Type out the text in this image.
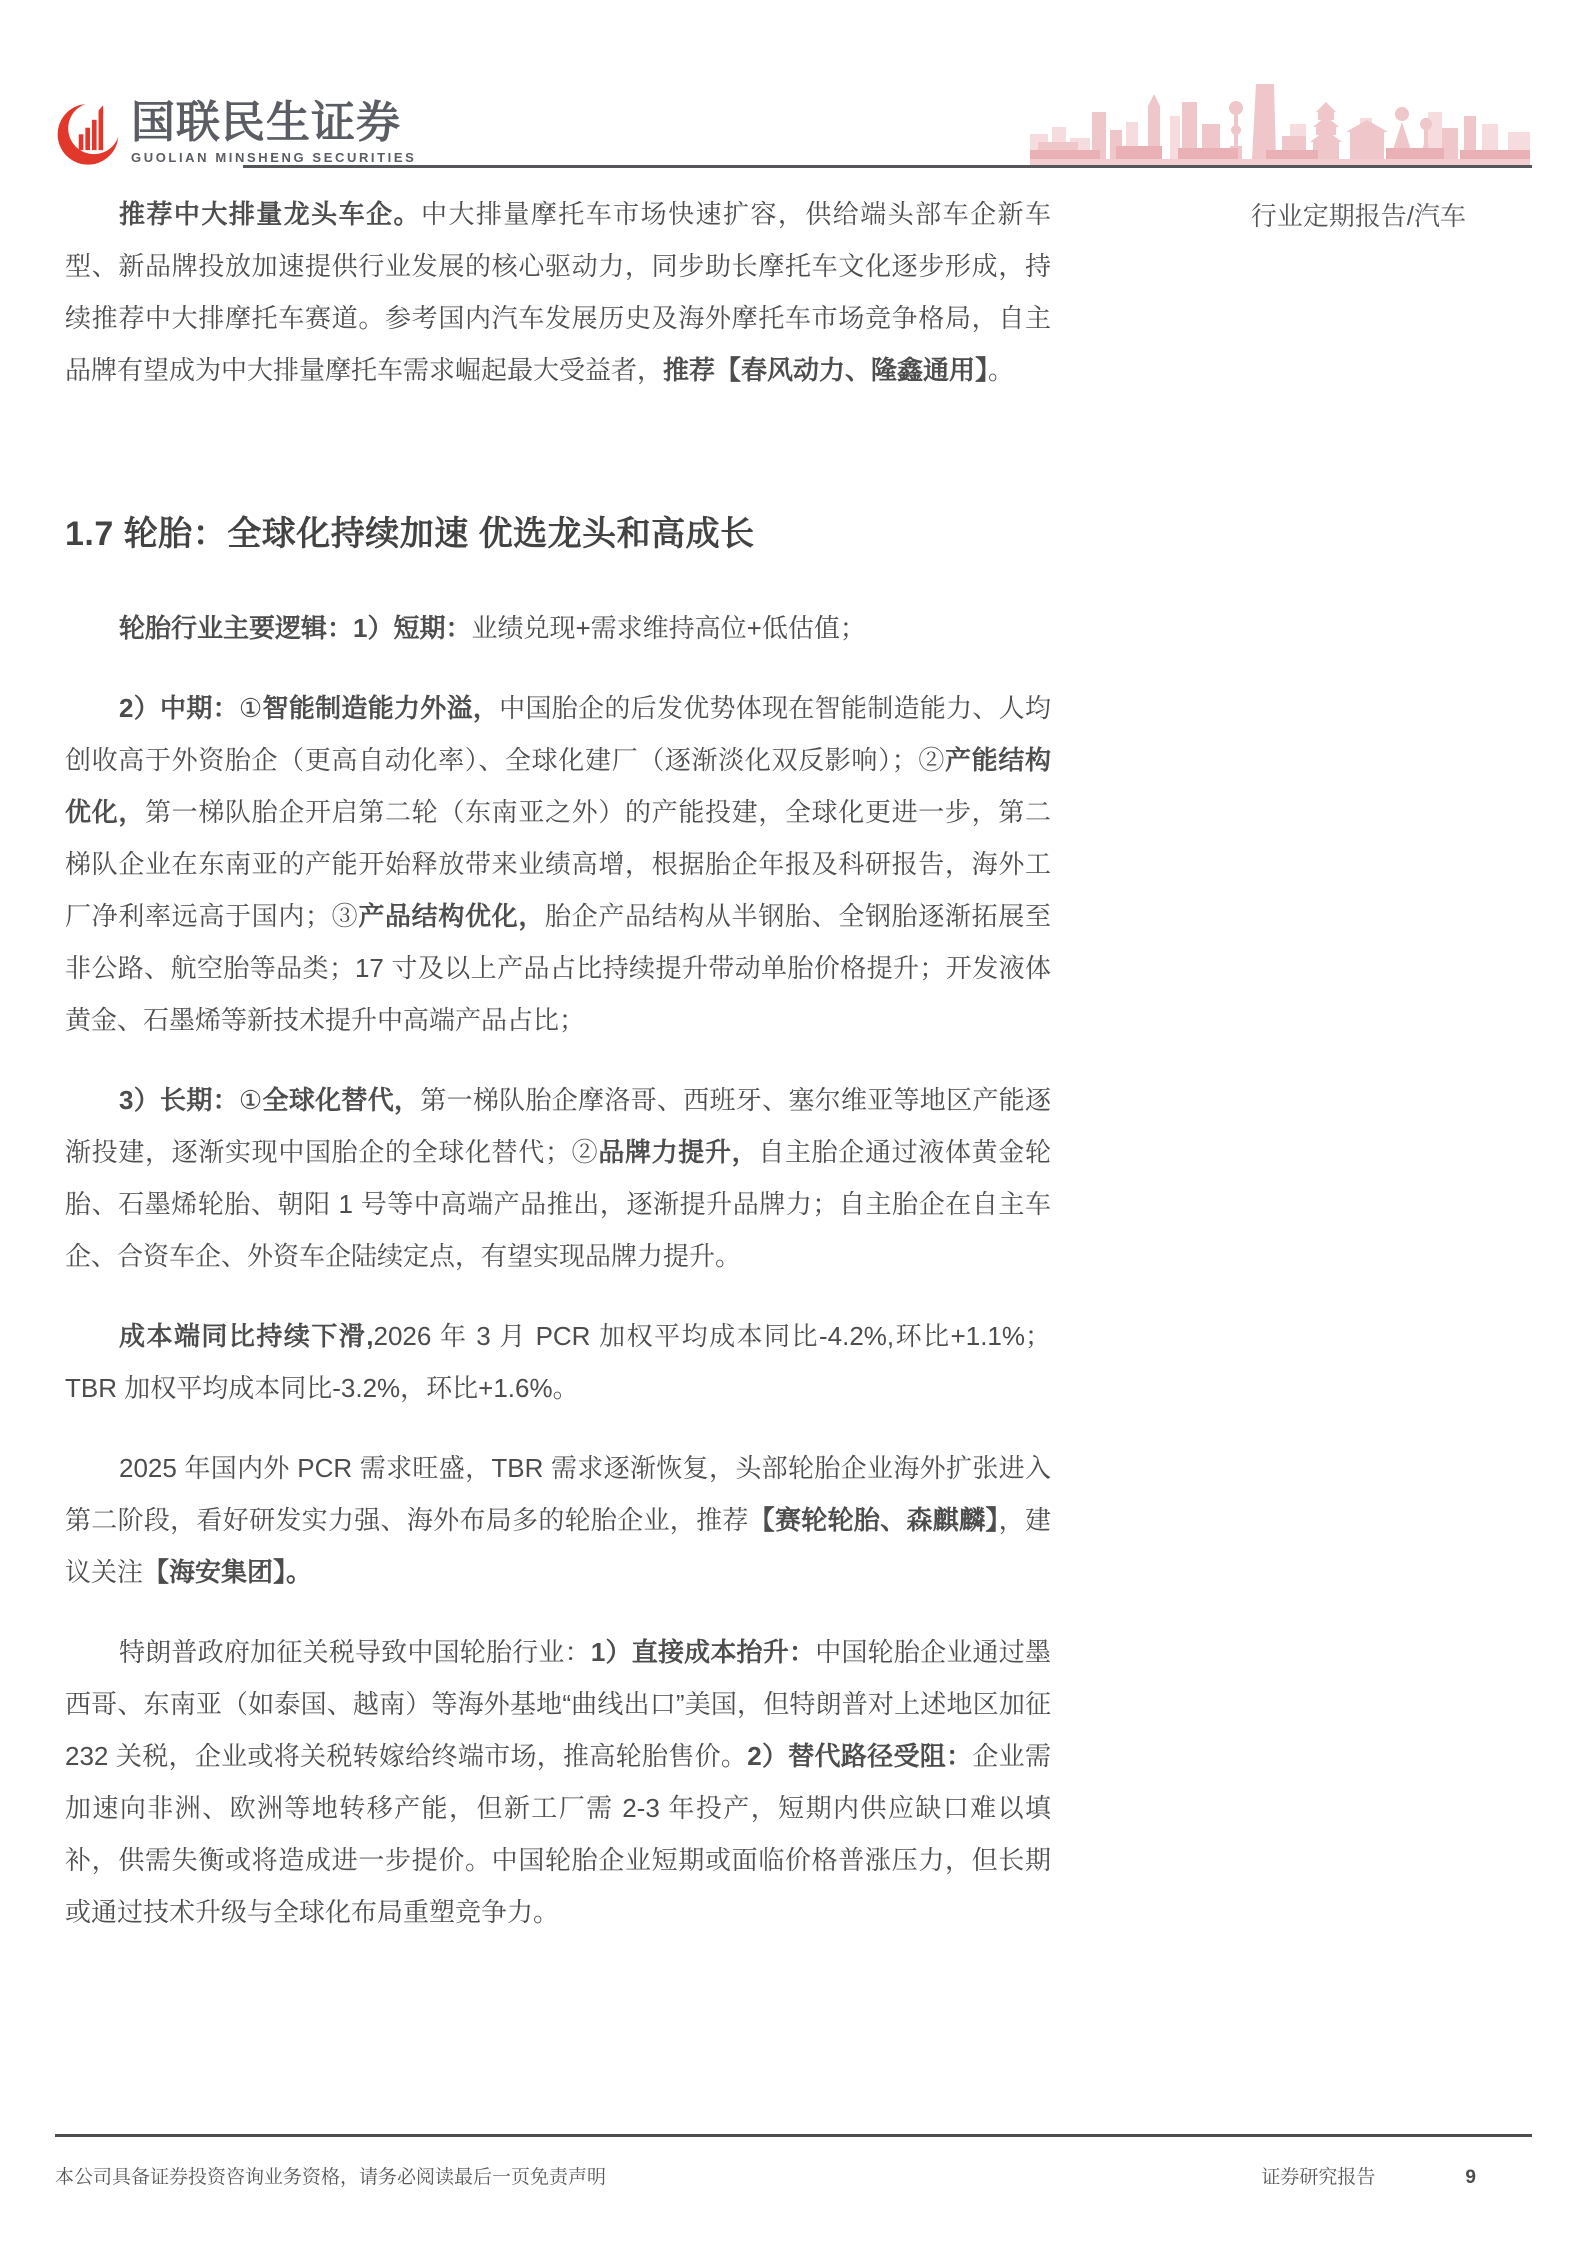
国联民生证券
GUOLIAN MINSHENG SECURITIES
行业定期报告/汽车

推荐中大排量龙头车企。中大排量摩托车市场快速扩容，供给端头部车企新车型、新品牌投放加速提供行业发展的核心驱动力，同步助长摩托车文化逐步形成，持续推荐中大排摩托车赛道。参考国内汽车发展历史及海外摩托车市场竞争格局，自主品牌有望成为中大排量摩托车需求崛起最大受益者，推荐【春风动力、隆鑫通用】。

1.7 轮胎：全球化持续加速 优选龙头和高成长

轮胎行业主要逻辑：1）短期：业绩兑现+需求维持高位+低估值；

2）中期：①智能制造能力外溢，中国胎企的后发优势体现在智能制造能力、人均创收高于外资胎企（更高自动化率）、全球化建厂（逐渐淡化双反影响）；②产能结构优化，第一梯队胎企开启第二轮（东南亚之外）的产能投建，全球化更进一步，第二梯队企业在东南亚的产能开始释放带来业绩高增，根据胎企年报及科研报告，海外工厂净利率远高于国内；③产品结构优化，胎企产品结构从半钢胎、全钢胎逐渐拓展至非公路、航空胎等品类；17 寸及以上产品占比持续提升带动单胎价格提升；开发液体黄金、石墨烯等新技术提升中高端产品占比；

3）长期：①全球化替代，第一梯队胎企摩洛哥、西班牙、塞尔维亚等地区产能逐渐投建，逐渐实现中国胎企的全球化替代；②品牌力提升，自主胎企通过液体黄金轮胎、石墨烯轮胎、朝阳 1 号等中高端产品推出，逐渐提升品牌力；自主胎企在自主车企、合资车企、外资车企陆续定点，有望实现品牌力提升。

成本端同比持续下滑,2026 年 3 月 PCR 加权平均成本同比-4.2%,环比+1.1%；TBR 加权平均成本同比-3.2%，环比+1.6%。

2025 年国内外 PCR 需求旺盛，TBR 需求逐渐恢复，头部轮胎企业海外扩张进入第二阶段，看好研发实力强、海外布局多的轮胎企业，推荐【赛轮轮胎、森麒麟】，建议关注【海安集团】。

特朗普政府加征关税导致中国轮胎行业：1）直接成本抬升：中国轮胎企业通过墨西哥、东南亚（如泰国、越南）等海外基地“曲线出口”美国，但特朗普对上述地区加征 232 关税，企业或将关税转嫁给终端市场，推高轮胎售价。2）替代路径受阻：企业需加速向非洲、欧洲等地转移产能，但新工厂需 2-3 年投产，短期内供应缺口难以填补，供需失衡或将造成进一步提价。中国轮胎企业短期或面临价格普涨压力，但长期或通过技术升级与全球化布局重塑竞争力。

本公司具备证券投资咨询业务资格，请务必阅读最后一页免责声明	证券研究报告	9
